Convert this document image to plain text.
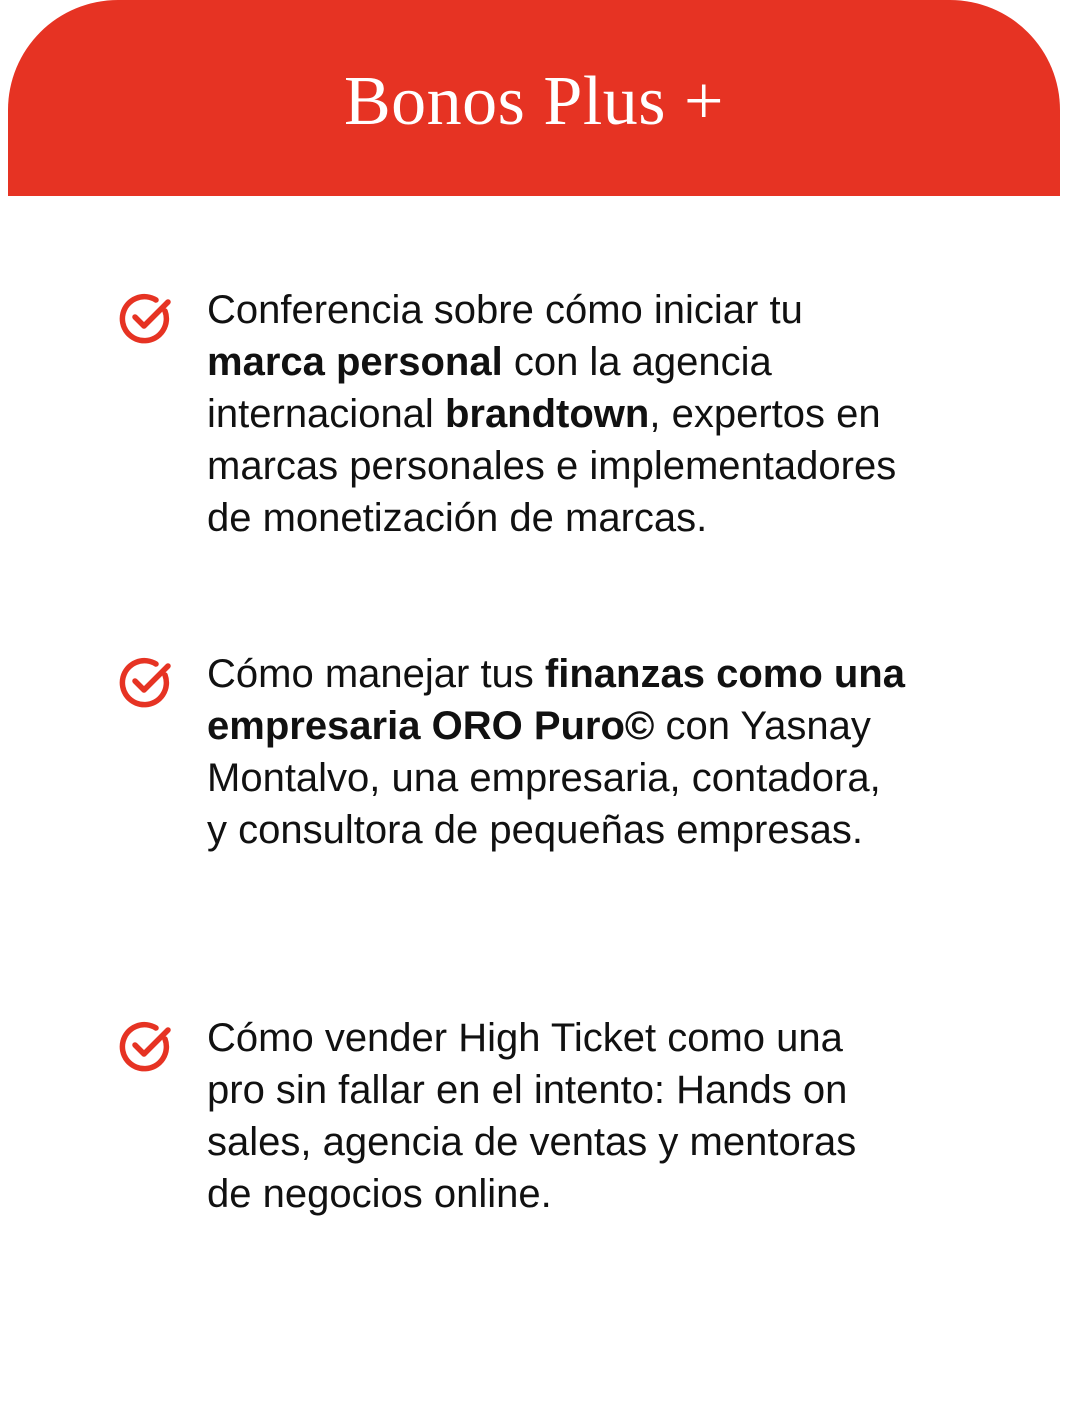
Bonos Plus +

Conferencia sobre cómo iniciar tu marca personal con la agencia internacional brandtown, expertos en marcas personales e implementadores de monetización de marcas.

Cómo manejar tus finanzas como una empresaria ORO Puro© con Yasnay Montalvo, una empresaria, contadora, y consultora de pequeñas empresas.

Cómo vender High Ticket como una pro sin fallar en el intento: Hands on sales, agencia de ventas y mentoras de negocios online.
